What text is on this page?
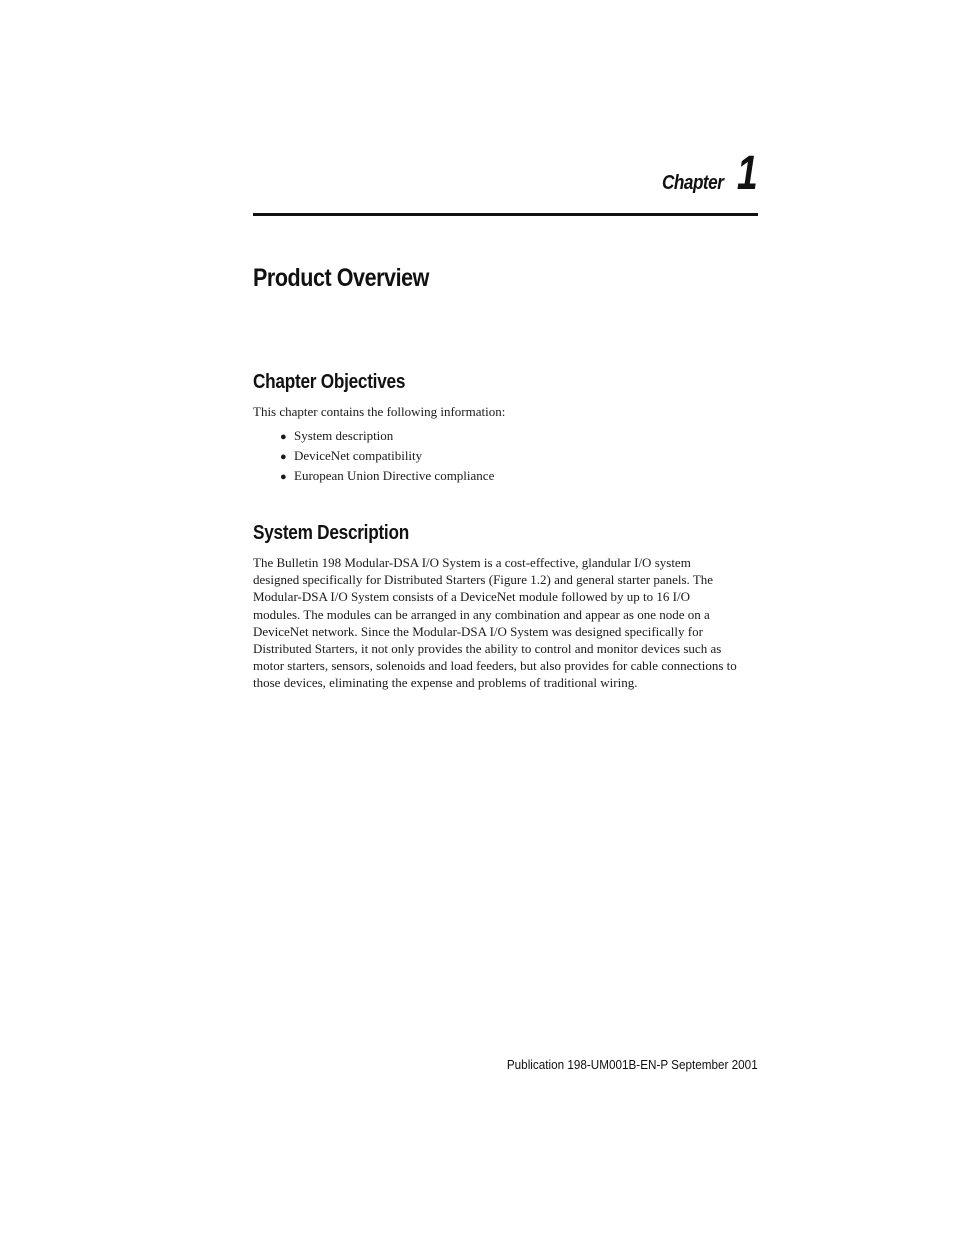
Chapter 1
Product Overview
Chapter Objectives

This chapter contains the following information:

● System description
● DeviceNet compatibility
● European Union Directive compliance
System Description

The Bulletin 198 Modular-DSA I/O System is a cost-effective, glandular I/O system
designed specifically for Distributed Starters (Figure 1.2) and general starter panels. The
Modular-DSA I/O System consists of a DeviceNet module followed by up to 16 I/O
modules. The modules can be arranged in any combination and appear as one node on a
DeviceNet network. Since the Modular-DSA I/O System was designed specifically for
Distributed Starters, it not only provides the ability to control and monitor devices such as
motor starters, sensors, solenoids and load feeders, but also provides for cable connections to
those devices, eliminating the expense and problems of traditional wiring.

Publication 198-UM001B-EN-P September 2001
